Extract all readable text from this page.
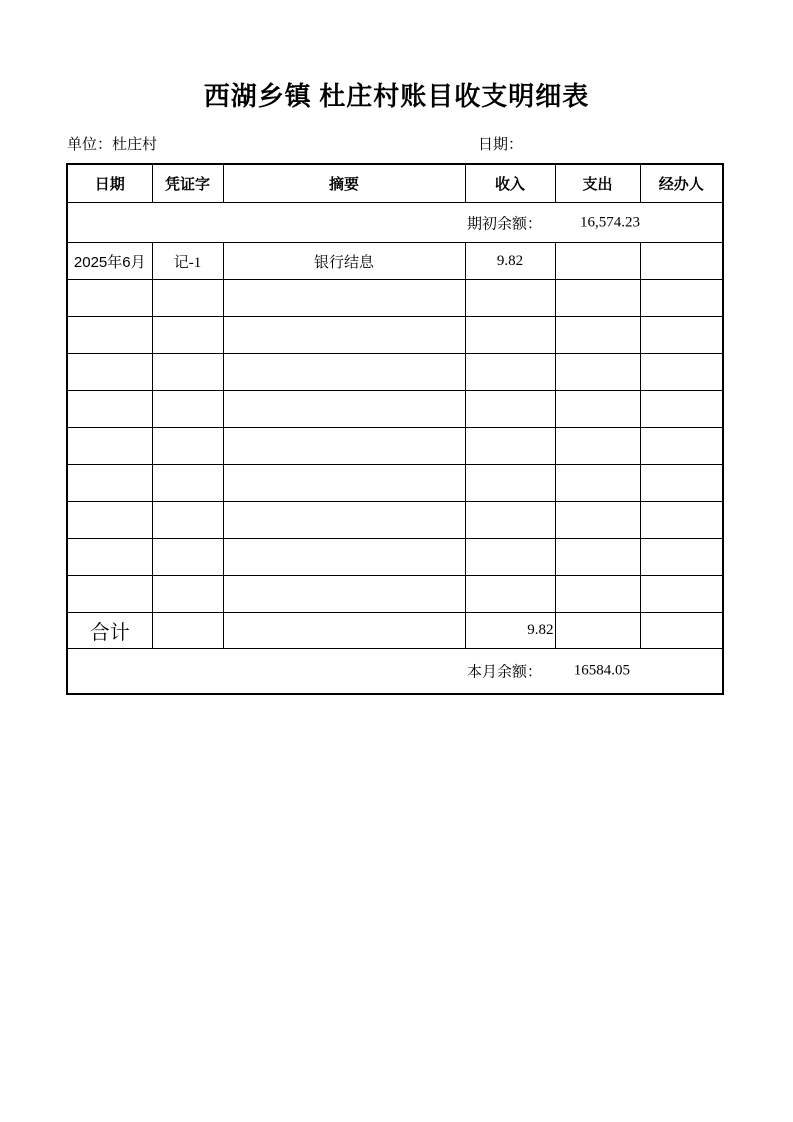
西湖乡镇 杜庄村账目收支明细表
单位： 杜庄村	日期：
日期	凭证字	摘要	收入	支出	经办人

期初余额： 16,574.23					

2025年6月	记-1	银行结息	9.82		

合计			9.82		

本月余额： 16584.05					
